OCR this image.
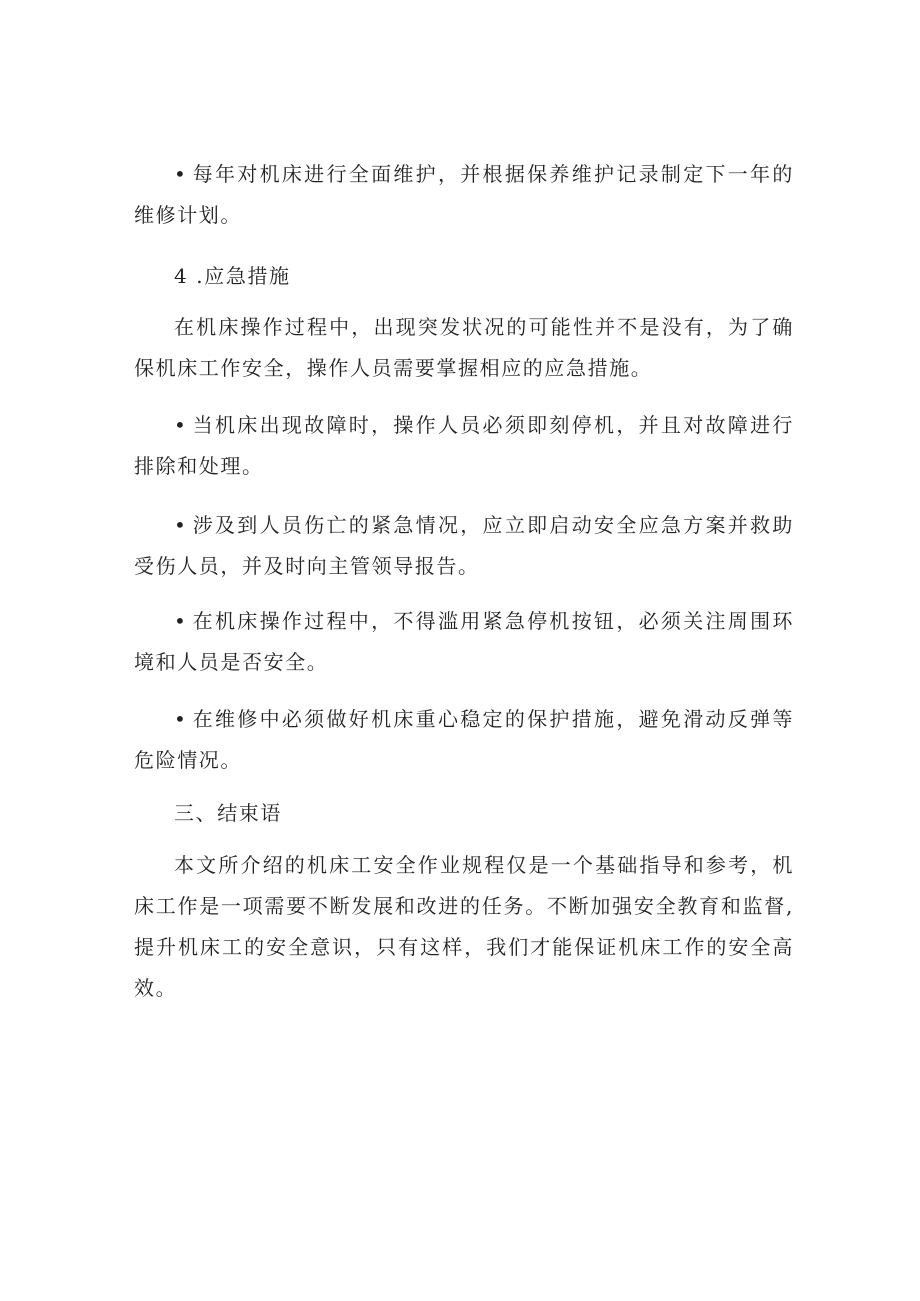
• 每年对机床进行全面维护，并根据保养维护记录制定下一年的维修计划。

4 .应急措施

在机床操作过程中，出现突发状况的可能性并不是没有，为了确保机床工作安全，操作人员需要掌握相应的应急措施。

• 当机床出现故障时，操作人员必须即刻停机，并且对故障进行排除和处理。

• 涉及到人员伤亡的紧急情况，应立即启动安全应急方案并救助受伤人员，并及时向主管领导报告。

• 在机床操作过程中，不得滥用紧急停机按钮，必须关注周围环境和人员是否安全。

• 在维修中必须做好机床重心稳定的保护措施，避免滑动反弹等危险情况。

三、结束语

本文所介绍的机床工安全作业规程仅是一个基础指导和参考，机床工作是一项需要不断发展和改进的任务。不断加强安全教育和监督,提升机床工的安全意识，只有这样，我们才能保证机床工作的安全高效。
